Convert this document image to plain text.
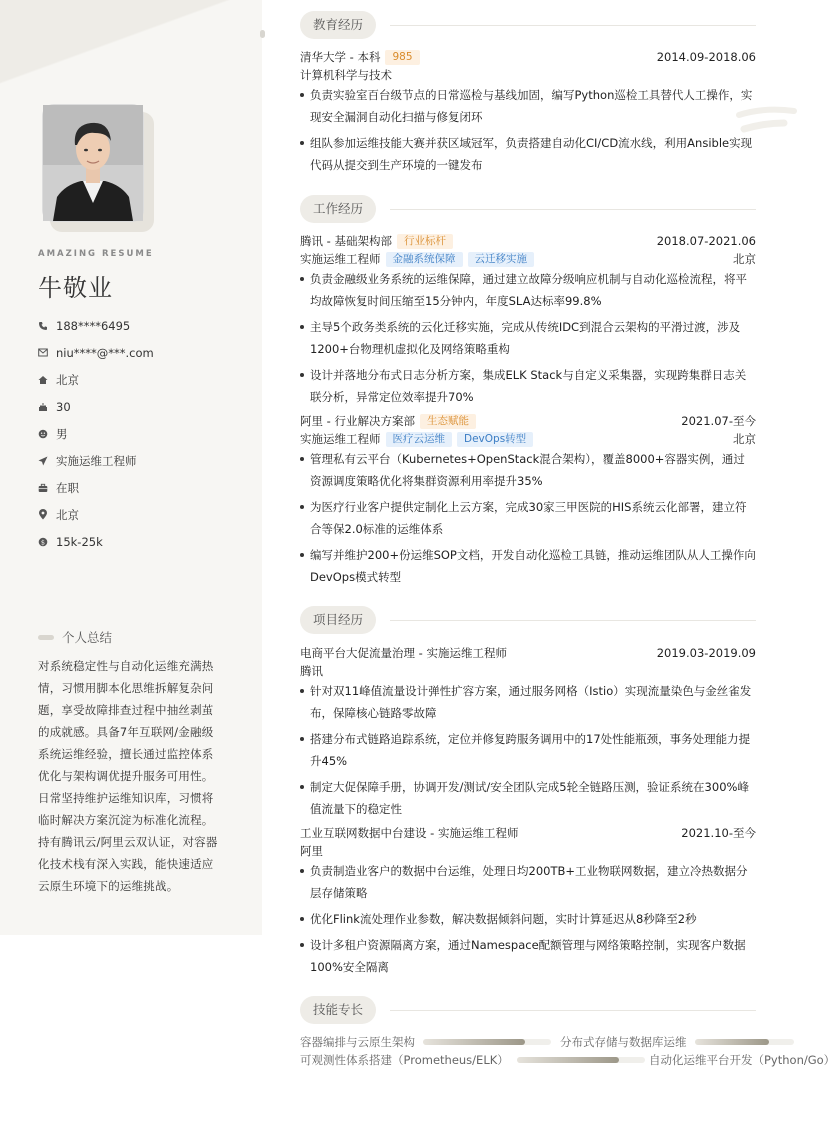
AMAZING RESUME
牛敬业
188****6495
niu****@***.com
北京
30
男
实施运维工程师
在职
北京
$ 15k-25k
个人总结
对系统稳定性与自动化运维充满热情，习惯用脚本化思维拆解复杂问题，享受故障排查过程中抽丝剥茧的成就感。具备7年互联网/金融级系统运维经验，擅长通过监控体系优化与架构调优提升服务可用性。日常坚持维护运维知识库，习惯将临时解决方案沉淀为标准化流程。持有腾讯云/阿里云双认证，对容器化技术栈有深入实践，能快速适应云原生环境下的运维挑战。
教育经历
清华大学 - 本科	985	2014.09-2018.06
计算机科学与技术
负责实验室百台级节点的日常巡检与基线加固，编写Python巡检工具替代人工操作，实现安全漏洞自动化扫描与修复闭环
组队参加运维技能大赛并获区域冠军，负责搭建自动化CI/CD流水线，利用Ansible实现代码从提交到生产环境的一键发布
工作经历
腾讯 - 基础架构部	行业标杆	2018.07-2021.06
实施运维工程师	金融系统保障	云迁移实施	北京
负责金融级业务系统的运维保障，通过建立故障分级响应机制与自动化巡检流程，将平均故障恢复时间压缩至15分钟内，年度SLA达标率99.8%
主导5个政务类系统的云化迁移实施，完成从传统IDC到混合云架构的平滑过渡，涉及1200+台物理机虚拟化及网络策略重构
设计并落地分布式日志分析方案，集成ELK Stack与自定义采集器，实现跨集群日志关联分析，异常定位效率提升70%
阿里 - 行业解决方案部	生态赋能	2021.07-至今
实施运维工程师	医疗云运维	DevOps转型	北京
管理私有云平台（Kubernetes+OpenStack混合架构），覆盖8000+容器实例，通过资源调度策略优化将集群资源利用率提升35%
为医疗行业客户提供定制化上云方案，完成30家三甲医院的HIS系统云化部署，建立符合等保2.0标准的运维体系
编写并维护200+份运维SOP文档，开发自动化巡检工具链，推动运维团队从人工操作向DevOps模式转型
项目经历
电商平台大促流量治理 - 实施运维工程师	2019.03-2019.09
腾讯
针对双11峰值流量设计弹性扩容方案，通过服务网格（Istio）实现流量染色与金丝雀发布，保障核心链路零故障
搭建分布式链路追踪系统，定位并修复跨服务调用中的17处性能瓶颈，事务处理能力提升45%
制定大促保障手册，协调开发/测试/安全团队完成5轮全链路压测，验证系统在300%峰值流量下的稳定性
工业互联网数据中台建设 - 实施运维工程师	2021.10-至今
阿里
负责制造业客户的数据中台运维，处理日均200TB+工业物联网数据，建立冷热数据分层存储策略
优化Flink流处理作业参数，解决数据倾斜问题，实时计算延迟从8秒降至2秒
设计多租户资源隔离方案，通过Namespace配额管理与网络策略控制，实现客户数据100%安全隔离
技能专长
容器编排与云原生架构	分布式存储与数据库运维
可观测性体系搭建（Prometheus/ELK）	自动化运维平台开发（Python/Go）
